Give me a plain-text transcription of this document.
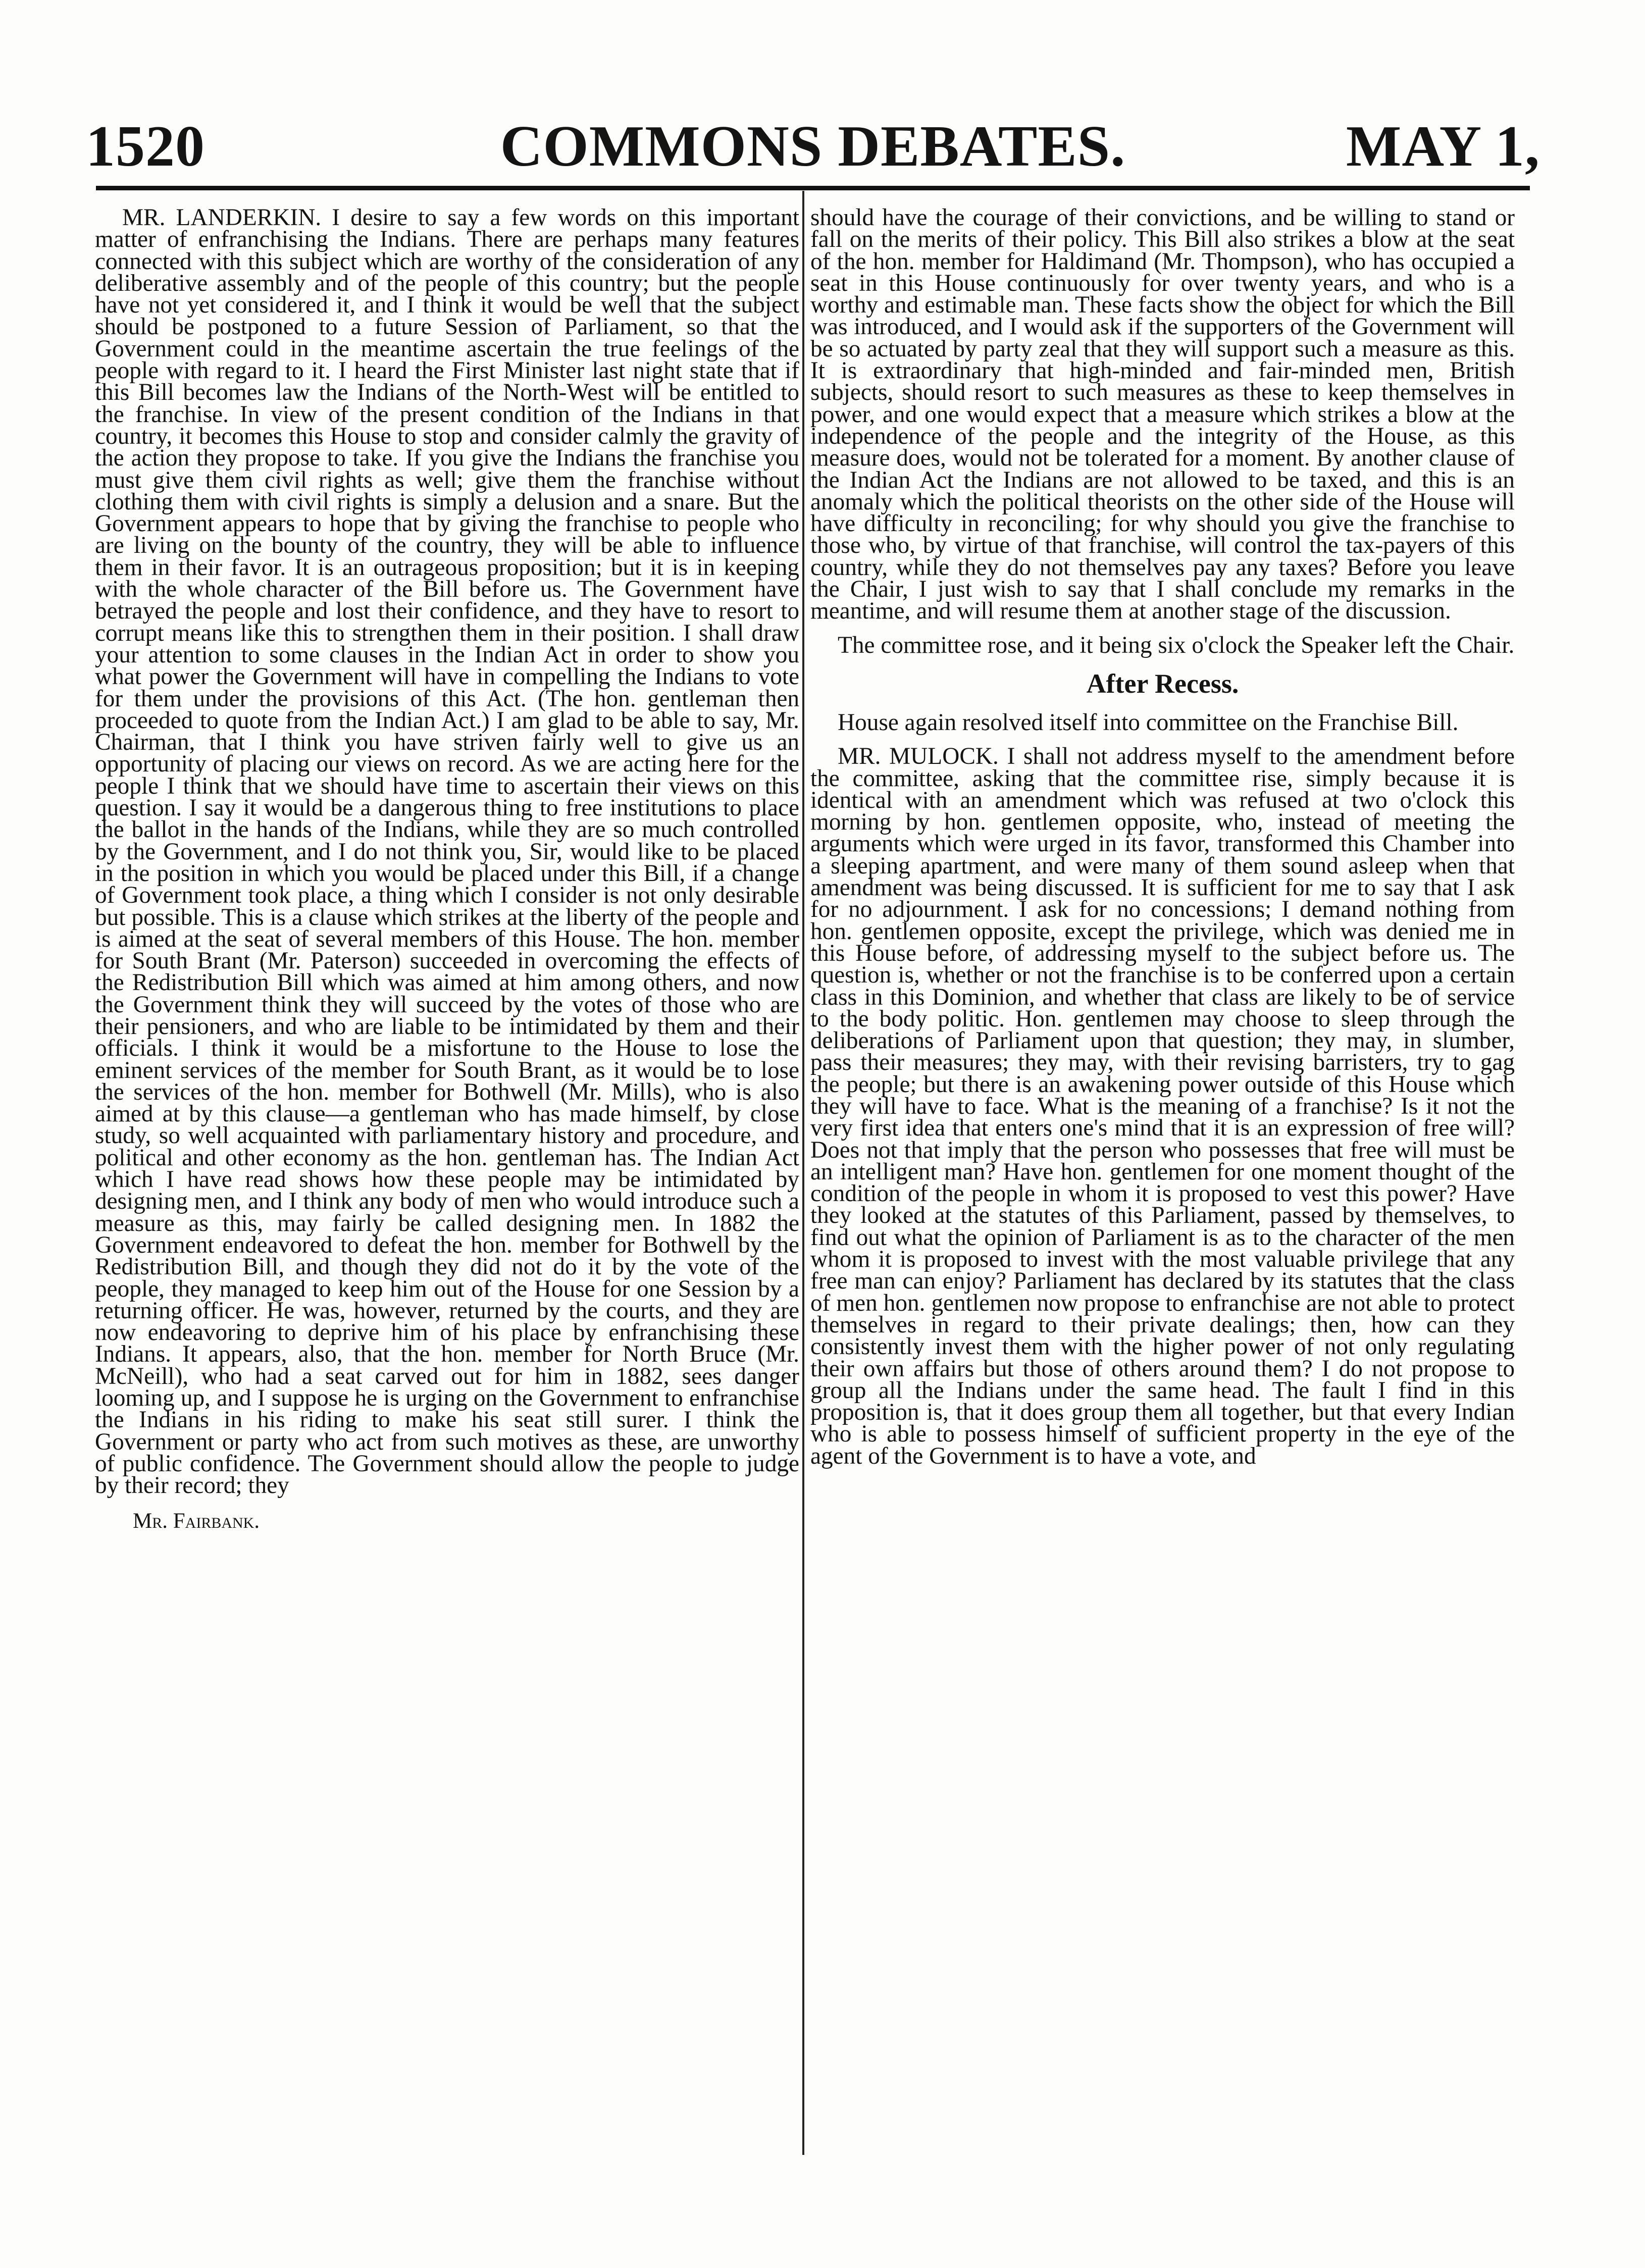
1520	COMMONS DEBATES.	MAY 1,

MR. LANDERKIN. I desire to say a few words on this important matter of enfranchising the Indians. There are perhaps many features connected with this subject which are worthy of the consideration of any deliberative assembly and of the people of this country; but the people have not yet considered it, and I think it would be well that the subject should be postponed to a future Session of Parliament, so that the Government could in the meantime ascertain the true feelings of the people with regard to it. I heard the First Minister last night state that if this Bill becomes law the Indians of the North-West will be entitled to the franchise. In view of the present condition of the Indians in that country, it becomes this House to stop and consider calmly the gravity of the action they propose to take. If you give the Indians the franchise you must give them civil rights as well; give them the franchise without clothing them with civil rights is simply a delusion and a snare. But the Government appears to hope that by giving the franchise to people who are living on the bounty of the country, they will be able to influence them in their favor. It is an outrageous proposition; but it is in keeping with the whole character of the Bill before us. The Government have betrayed the people and lost their confidence, and they have to resort to corrupt means like this to strengthen them in their position. I shall draw your attention to some clauses in the Indian Act in order to show you what power the Government will have in compelling the Indians to vote for them under the provisions of this Act. (The hon. gentleman then proceeded to quote from the Indian Act.) I am glad to be able to say, Mr. Chairman, that I think you have striven fairly well to give us an opportunity of placing our views on record. As we are acting here for the people I think that we should have time to ascertain their views on this question. I say it would be a dangerous thing to free institutions to place the ballot in the hands of the Indians, while they are so much controlled by the Government, and I do not think you, Sir, would like to be placed in the position in which you would be placed under this Bill, if a change of Government took place, a thing which I consider is not only desirable but possible. This is a clause which strikes at the liberty of the people and is aimed at the seat of several members of this House. The hon. member for South Brant (Mr. Paterson) succeeded in overcoming the effects of the Redistribution Bill which was aimed at him among others, and now the Government think they will succeed by the votes of those who are their pensioners, and who are liable to be intimidated by them and their officials. I think it would be a misfortune to the House to lose the eminent services of the member for South Brant, as it would be to lose the services of the hon. member for Bothwell (Mr. Mills), who is also aimed at by this clause—a gentleman who has made himself, by close study, so well acquainted with parliamentary history and procedure, and political and other economy as the hon. gentleman has. The Indian Act which I have read shows how these people may be intimidated by designing men, and I think any body of men who would introduce such a measure as this, may fairly be called designing men. In 1882 the Government endeavored to defeat the hon. member for Bothwell by the Redistribution Bill, and though they did not do it by the vote of the people, they managed to keep him out of the House for one Session by a returning officer. He was, however, returned by the courts, and they are now endeavoring to deprive him of his place by enfranchising these Indians. It appears, also, that the hon. member for North Bruce (Mr. McNeill), who had a seat carved out for him in 1882, sees danger looming up, and I suppose he is urging on the Government to enfranchise the Indians in his riding to make his seat still surer. I think the Government or party who act from such motives as these, are unworthy of public confidence. The Government should allow the people to judge by their record; they

Mr. Fairbank.

should have the courage of their convictions, and be willing to stand or fall on the merits of their policy. This Bill also strikes a blow at the seat of the hon. member for Haldimand (Mr. Thompson), who has occupied a seat in this House continuously for over twenty years, and who is a worthy and estimable man. These facts show the object for which the Bill was introduced, and I would ask if the supporters of the Government will be so actuated by party zeal that they will support such a measure as this. It is extraordinary that high-minded and fair-minded men, British subjects, should resort to such measures as these to keep themselves in power, and one would expect that a measure which strikes a blow at the independence of the people and the integrity of the House, as this measure does, would not be tolerated for a moment. By another clause of the Indian Act the Indians are not allowed to be taxed, and this is an anomaly which the political theorists on the other side of the House will have difficulty in reconciling; for why should you give the franchise to those who, by virtue of that franchise, will control the tax-payers of this country, while they do not themselves pay any taxes? Before you leave the Chair, I just wish to say that I shall conclude my remarks in the meantime, and will resume them at another stage of the discussion.

The committee rose, and it being six o'clock the Speaker left the Chair.

After Recess.

House again resolved itself into committee on the Franchise Bill.

MR. MULOCK. I shall not address myself to the amendment before the committee, asking that the committee rise, simply because it is identical with an amendment which was refused at two o'clock this morning by hon. gentlemen opposite, who, instead of meeting the arguments which were urged in its favor, transformed this Chamber into a sleeping apartment, and were many of them sound asleep when that amendment was being discussed. It is sufficient for me to say that I ask for no adjournment. I ask for no concessions; I demand nothing from hon. gentlemen opposite, except the privilege, which was denied me in this House before, of addressing myself to the subject before us. The question is, whether or not the franchise is to be conferred upon a certain class in this Dominion, and whether that class are likely to be of service to the body politic. Hon. gentlemen may choose to sleep through the deliberations of Parliament upon that question; they may, in slumber, pass their measures; they may, with their revising barristers, try to gag the people; but there is an awakening power outside of this House which they will have to face. What is the meaning of a franchise? Is it not the very first idea that enters one's mind that it is an expression of free will? Does not that imply that the person who possesses that free will must be an intelligent man? Have hon. gentlemen for one moment thought of the condition of the people in whom it is proposed to vest this power? Have they looked at the statutes of this Parliament, passed by themselves, to find out what the opinion of Parliament is as to the character of the men whom it is proposed to invest with the most valuable privilege that any free man can enjoy? Parliament has declared by its statutes that the class of men hon. gentlemen now propose to enfranchise are not able to protect themselves in regard to their private dealings; then, how can they consistently invest them with the higher power of not only regulating their own affairs but those of others around them? I do not propose to group all the Indians under the same head. The fault I find in this proposition is, that it does group them all together, but that every Indian who is able to possess himself of sufficient property in the eye of the agent of the Government is to have a vote, and
